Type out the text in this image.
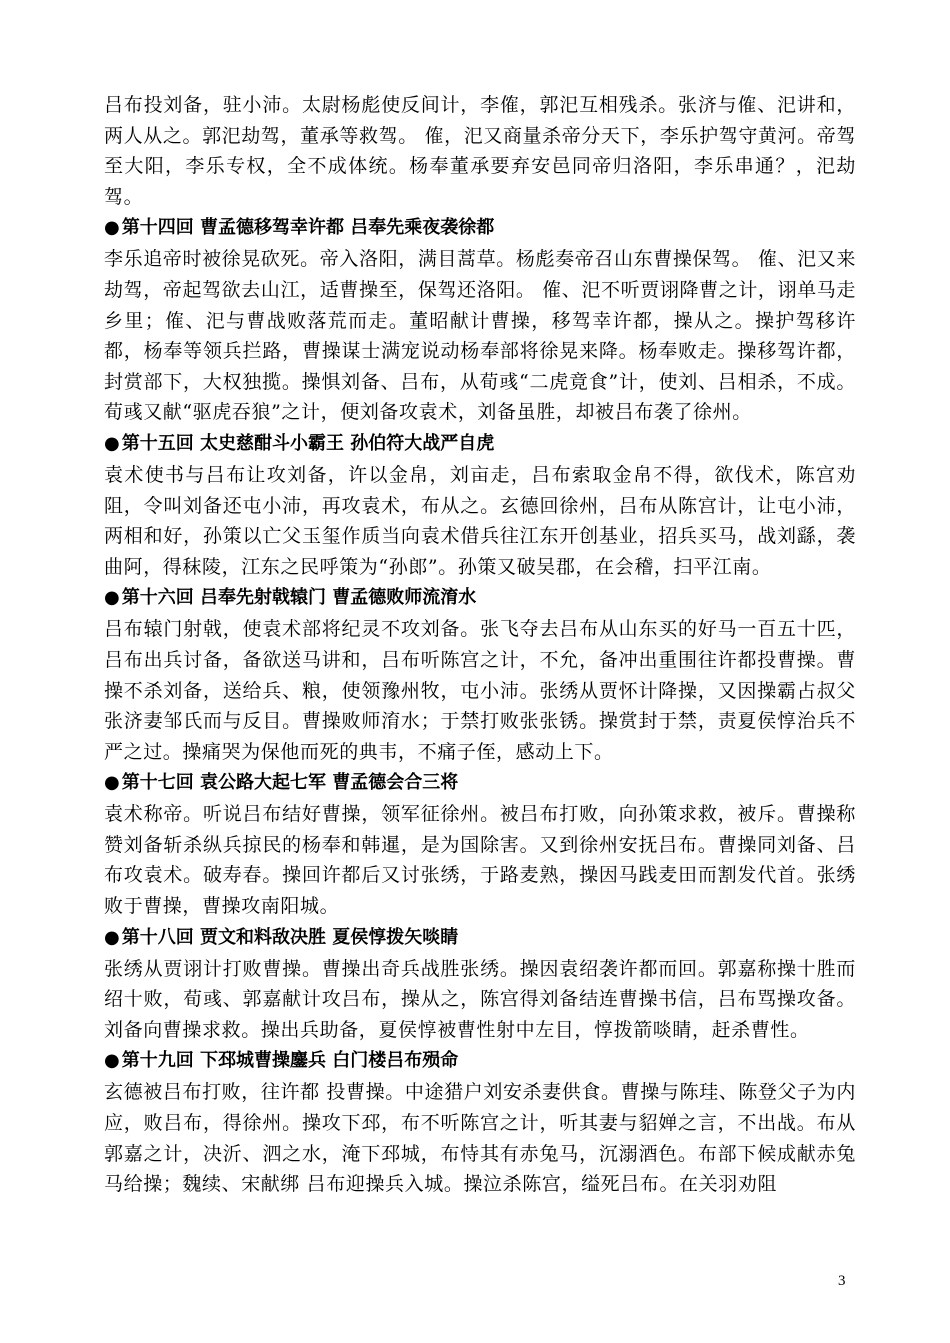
吕布投刘备，驻小沛。太尉杨彪使反间计，李傕，郭汜互相残杀。张济与傕、汜讲和，两人从之。郭汜劫驾，董承等救驾。 傕，汜又商量杀帝分天下，李乐护驾守黄河。帝驾至大阳，李乐专权，全不成体统。杨奉董承要弃安邑同帝归洛阳，李乐串通？，汜劫驾。

● 第十四回 曹孟德移驾幸许都 吕奉先乘夜袭徐都

李乐追帝时被徐晃砍死。帝入洛阳，满目蒿草。杨彪奏帝召山东曹操保驾。 傕、汜又来劫驾，帝起驾欲去山江，适曹操至，保驾还洛阳。 傕、汜不听贾诩降曹之计，诩单马走乡里；傕、汜与曹战败落荒而走。董昭献计曹操，移驾幸许都，操从之。操护驾移许都，杨奉等领兵拦路，曹操谋士满宠说动杨奉部将徐晃来降。杨奉败走。操移驾许都，封赏部下，大权独揽。操惧刘备、吕布，从荀彧“二虎竟食”计，使刘、吕相杀，不成。荀彧又献“驱虎吞狼”之计，便刘备攻袁术，刘备虽胜，却被吕布袭了徐州。

● 第十五回 太史慈酣斗小霸王 孙伯符大战严自虎

袁术使书与吕布让攻刘备，许以金帛，刘亩走，吕布索取金帛不得，欲伐术，陈宫劝阻，令叫刘备还屯小沛，再攻袁术，布从之。玄德回徐州，吕布从陈宫计，让屯小沛，两相和好，孙策以亡父玉玺作质当向袁术借兵往江东开创基业，招兵买马，战刘繇，袭曲阿，得秣陵，江东之民呼策为“孙郎”。孙策又破吴郡，在会稽，扫平江南。

● 第十六回 吕奉先射戟辕门 曹孟德败师流淯水

吕布辕门射戟，使袁术部将纪灵不攻刘备。张飞夺去吕布从山东买的好马一百五十匹，吕布出兵讨备，备欲送马讲和，吕布听陈宫之计，不允，备冲出重围往许都投曹操。曹操不杀刘备，送给兵、粮，使领豫州牧，屯小沛。张绣从贾怀计降操，又因操霸占叔父张济妻邹氏而与反目。曹操败师淯水；于禁打败张张锈。操赏封于禁，责夏侯惇治兵不严之过。操痛哭为保他而死的典韦，不痛子侄，感动上下。

● 第十七回 袁公路大起七军 曹孟德会合三将

袁术称帝。听说吕布结好曹操，领军征徐州。被吕布打败，向孙策求救，被斥。曹操称赞刘备斩杀纵兵掠民的杨奉和韩暹，是为国除害。又到徐州安抚吕布。曹操同刘备、吕布攻袁术。破寿春。操回许都后又讨张绣，于路麦熟，操因马践麦田而割发代首。张绣败于曹操，曹操攻南阳城。

● 第十八回 贾文和料敌决胜 夏侯惇拨矢啖睛

张绣从贾诩计打败曹操。曹操出奇兵战胜张绣。操因袁绍袭许都而回。郭嘉称操十胜而绍十败，荀彧、郭嘉献计攻吕布，操从之，陈宫得刘备结连曹操书信，吕布骂操攻备。刘备向曹操求救。操出兵助备，夏侯惇被曹性射中左目，惇拨箭啖睛，赶杀曹性。

● 第十九回 下邳城曹操鏖兵 白门楼吕布殒命

玄德被吕布打败，往许都 投曹操。中途猎户刘安杀妻供食。曹操与陈珪、陈登父子为内应，败吕布，得徐州。操攻下邳，布不听陈宫之计，听其妻与貂婵之言，不出战。布从郭嘉之计，决沂、泗之水，淹下邳城，布恃其有赤兔马，沉溺酒色。布部下候成献赤兔马给操；魏续、宋献绑 吕布迎操兵入城。操泣杀陈宫，缢死吕布。在关羽劝阻

3
